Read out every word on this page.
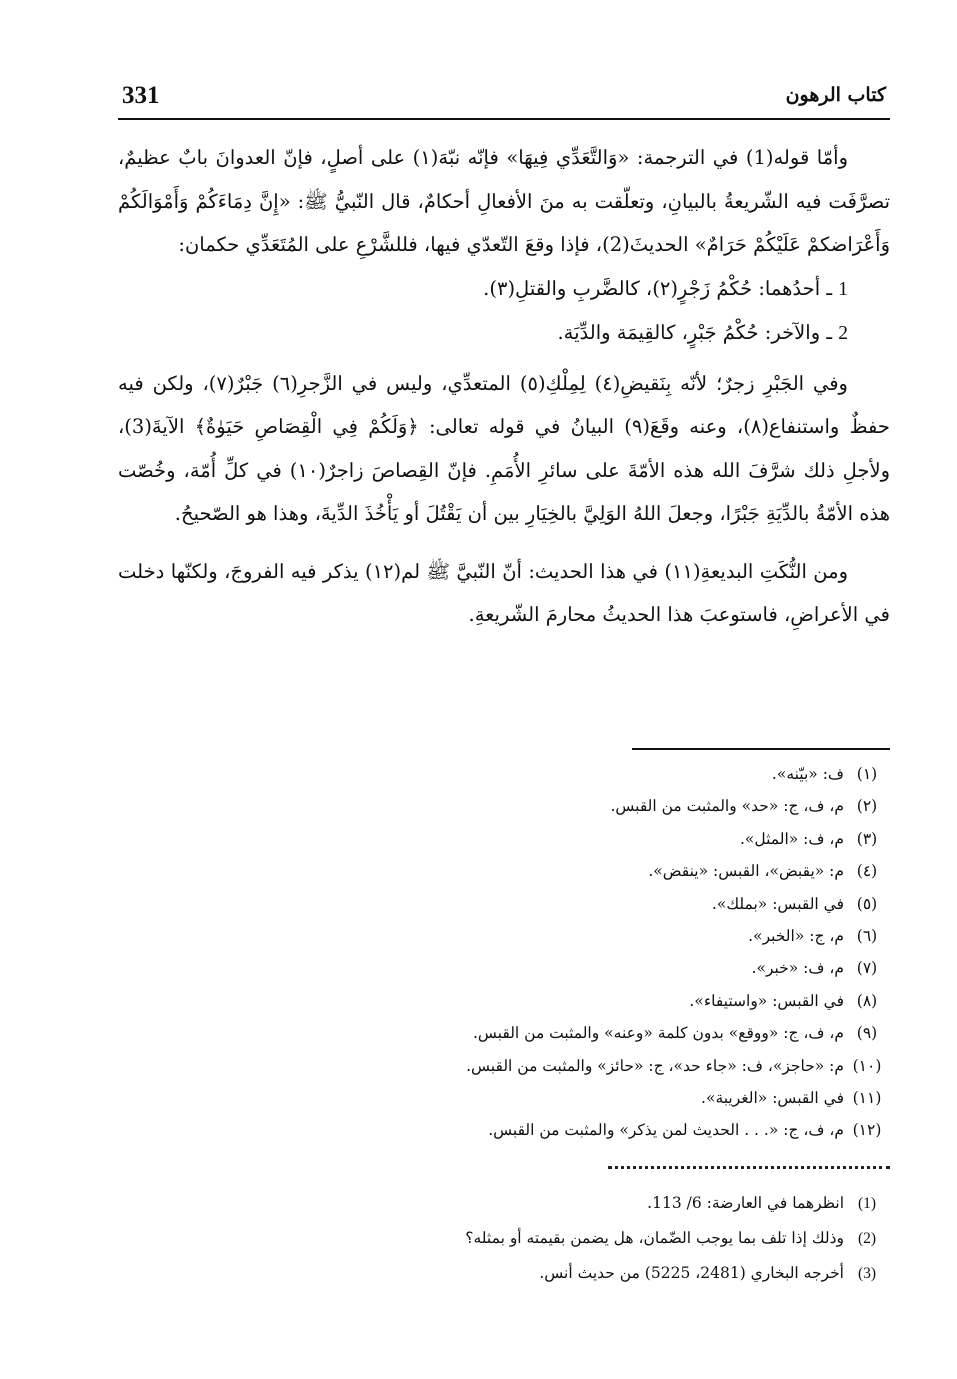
331	كتاب الرهون

وأمّا قوله(1) في الترجمة: «وَالتَّعَدِّي فِيهَا» فإنّه نبّهَ(١) على أصلٍ، فإنّ العدوانَ بابٌ عظيمٌ، تصرَّفَت فيه الشّريعةُ بالبيانِ، وتعلّقت به منَ الأفعالِ أحكامٌ، قال النّبيُّ ﷺ: «إِنَّ دِمَاءَكُمْ وَأَمْوَالَكُمْ وَأَعْرَاضكمْ عَلَيْكُمْ حَرَامٌ» الحديثَ(2)، فإذا وقعَ التّعدّي فيها، فللشَّرْعِ على المُتَعَدِّي حكمان:

1 ـ أحدُهما: حُكْمُ زَجْرٍ(٢)، كالضَّربِ والقتلِ(٣).

2 ـ والآخر: حُكْمُ جَبْرٍ، كالقِيمَة والدِّيَة.

وفي الجَبْرِ زجرٌ؛ لأنّه بِنَقيضِ(٤) لِمِلْكِ(٥) المتعدِّي، وليس في الزَّجرِ(٦) جَبْرٌ(٧)، ولكن فيه حفظٌ واستنفاع(٨)، وعنه وقَعَ(٩) البيانُ في قوله تعالى: ﴿وَلَكُمْ فِي الْقِصَاصِ حَيَوٰةٌ﴾ الآيةَ(3)، ولأجلِ ذلك شرَّفَ الله هذه الأمّةَ على سائرِ الأُمَمِ. فإنّ القِصاصَ زاجرٌ(١٠) في كلِّ أُمّة، وخُصّت هذه الأمّةُ بالدِّيَةِ جَبْرًا، وجعلَ اللهُ الوَلِيَّ بالخِيَارِ بين أن يَقْتُلَ أو يَأْخُذَ الدِّيةَ، وهذا هو الصّحيحُ.

ومن النُّكَتِ البديعةِ(١١) في هذا الحديث: أنّ النّبيَّ ﷺ لم(١٢) يذكر فيه الفروجَ، ولكنّها دخلت في الأعراضِ، فاستوعبَ هذا الحديثُ محارمَ الشّريعةِ.

(١)
ف: «بيّنه».
(٢)
م، ف، ج: «حد» والمثبت من القبس.
(٣)
م، ف: «المثل».
(٤)
م: «يقبض»، القبس: «ينقض».
(٥)
في القبس: «بملك».
(٦)
م، ج: «الخبر».
(٧)
م، ف: «خبر».
(٨)
في القبس: «واستيفاء».
(٩)
م، ف، ج: «ووقع» بدون كلمة «وعنه» والمثبت من القبس.
(١٠)
م: «حاجز»، ف: «جاء حد»، ج: «حائز» والمثبت من القبس.
(١١)
في القبس: «الغريبة».
(١٢)
م، ف، ج: «. . . الحديث لمن يذكر» والمثبت من القبس.
(1)
انظرهما في العارضة: 6/ 113.
(2)
وذلك إذا تلف بما يوجب الضّمان، هل يضمن بقيمته أو بمثله؟
(3)
أخرجه البخاري (2481، 5225) من حديث أنس.
